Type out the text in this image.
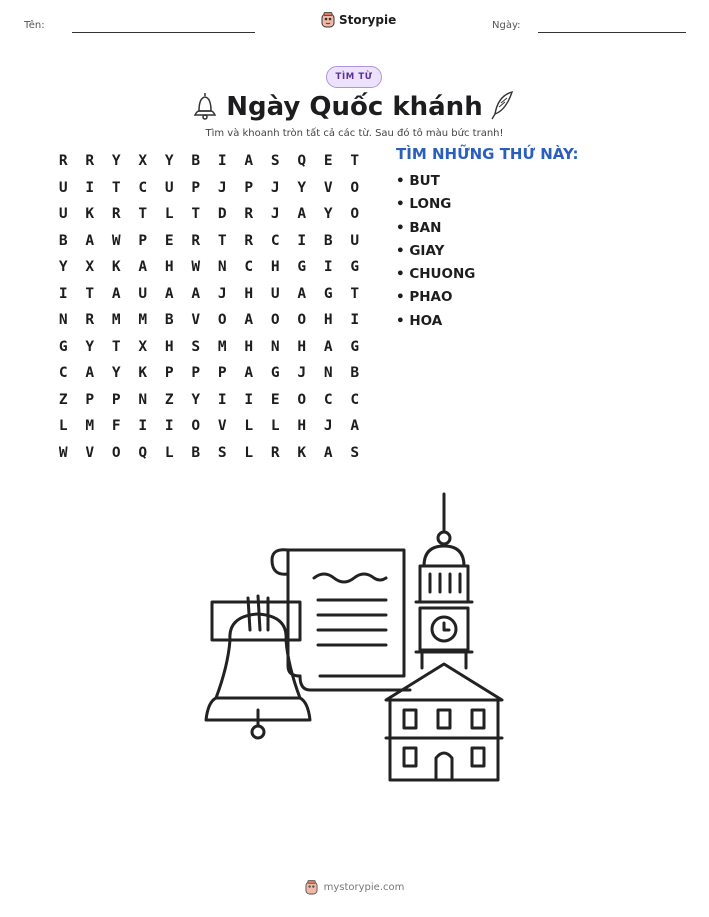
Tên:	Storypie	Ngày:
TÌM TỪ
Ngày Quốc khánh
Tìm và khoanh tròn tất cả các từ. Sau đó tô màu bức tranh!
R	R	Y	X	Y	B	I	A	S	Q	E	T
U	I	T	C	U	P	J	P	J	Y	V	O
U	K	R	T	L	T	D	R	J	A	Y	O
B	A	W	P	E	R	T	R	C	I	B	U
Y	X	K	A	H	W	N	C	H	G	I	G
I	T	A	U	A	A	J	H	U	A	G	T
N	R	M	M	B	V	O	A	O	O	H	I
G	Y	T	X	H	S	M	H	N	H	A	G
C	A	Y	K	P	P	P	A	G	J	N	B
Z	P	P	N	Z	Y	I	I	E	O	C	C
L	M	F	I	I	O	V	L	L	H	J	A
W	V	O	Q	L	B	S	L	R	K	A	S
TÌM NHỮNG THỨ NÀY:
• BUT
• LONG
• BAN
• GIAY
• CHUONG
• PHAO
• HOA
mystorypie.com
